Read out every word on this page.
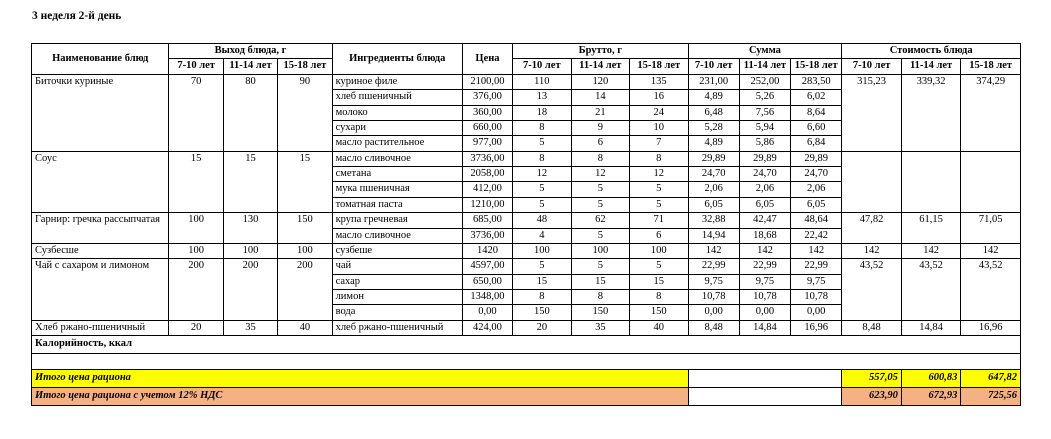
3 неделя 2-й день
Наименование блюд	Выход блюда, г			Ингредиенты блюда	Цена	Брутто, г			Сумма			Стоимость блюда		
	7-10 лет	11-14 лет	15-18 лет			7-10 лет	11-14 лет	15-18 лет	7-10 лет	11-14 лет	15-18 лет	7-10 лет	11-14 лет	15-18 лет
Биточки куриные	70	80	90	куриное филе	2100,00	110	120	135	231,00	252,00	283,50	315,23	339,32	374,29
				хлеб пшеничный	376,00	13	14	16	4,89	5,26	6,02			
				молоко	360,00	18	21	24	6,48	7,56	8,64			
				сухари	660,00	8	9	10	5,28	5,94	6,60			
				масло растительное	977,00	5	6	7	4,89	5,86	6,84			
Соус	15	15	15	масло сливочное	3736,00	8	8	8	29,89	29,89	29,89			
				сметана	2058,00	12	12	12	24,70	24,70	24,70			
				мука пшеничная	412,00	5	5	5	2,06	2,06	2,06			
				томатная паста	1210,00	5	5	5	6,05	6,05	6,05			
Гарнир: гречка рассыпчатая	100	130	150	крупа гречневая	685,00	48	62	71	32,88	42,47	48,64	47,82	61,15	71,05
				масло сливочное	3736,00	4	5	6	14,94	18,68	22,42			
Сузбесшe	100	100	100	сузбеше	1420	100	100	100	142	142	142	142	142	142
Чай с сахаром и лимоном	200	200	200	чай	4597,00	5	5	5	22,99	22,99	22,99	43,52	43,52	43,52
				сахар	650,00	15	15	15	9,75	9,75	9,75			
				лимон	1348,00	8	8	8	10,78	10,78	10,78			
				вода	0,00	150	150	150	0,00	0,00	0,00			
Хлеб ржано-пшеничный	20	35	40	хлеб ржано-пшеничный	424,00	20	35	40	8,48	14,84	16,96	8,48	14,84	16,96
Калорийность, ккал														

Итого цена рациона												557,05	600,83	647,82
Итого цена рациона с учетом 12% НДС												623,90	672,93	725,56
